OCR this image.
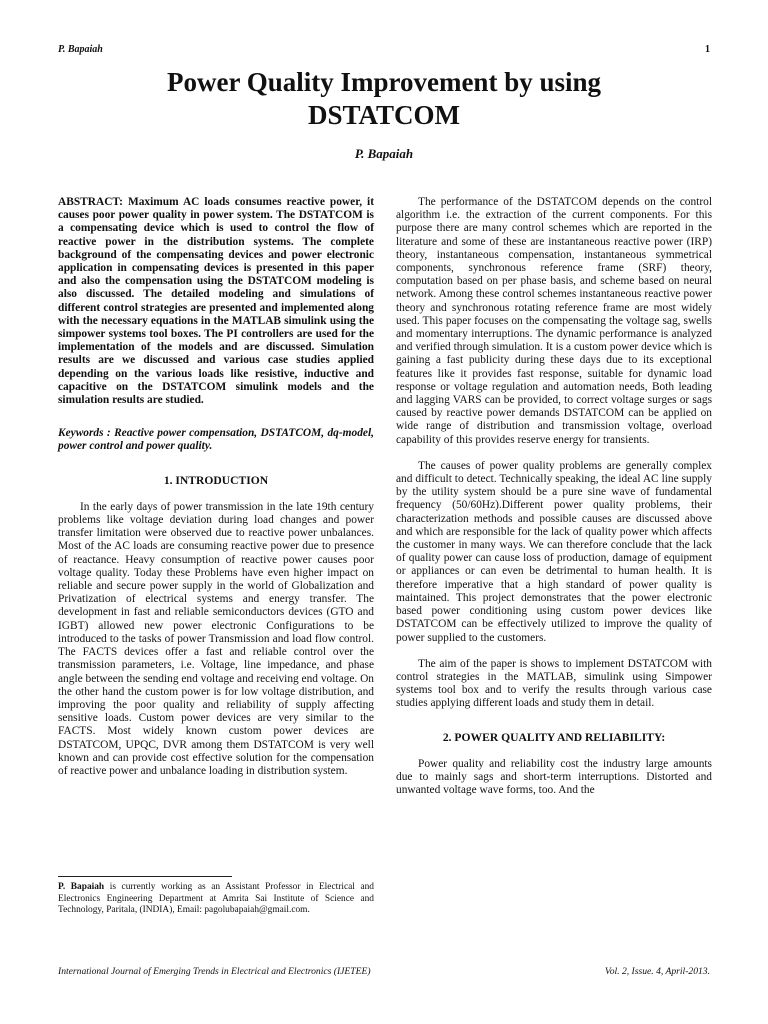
P. Bapaiah	1
Power Quality Improvement by using
DSTATCOM
P. Bapaiah

ABSTRACT: Maximum AC loads consumes reactive power, it causes poor power quality in power system. The DSTATCOM is a compensating device which is used to control the flow of reactive power in the distribution systems. The complete background of the compensating devices and power electronic application in compensating devices is presented in this paper and also the compensation using the DSTATCOM modeling is also discussed. The detailed modeling and simulations of different control strategies are presented and implemented along with the necessary equations in the MATLAB simulink using the simpower systems tool boxes. The PI controllers are used for the implementation of the models and are discussed. Simulation results are we discussed and various case studies applied depending on the various loads like resistive, inductive and capacitive on the DSTATCOM simulink models and the simulation results are studied.

Keywords : Reactive power compensation, DSTATCOM, dq-model, power control and power quality.

1. INTRODUCTION

In the early days of power transmission in the late 19th century problems like voltage deviation during load changes and power transfer limitation were observed due to reactive power unbalances. Most of the AC loads are consuming reactive power due to presence of reactance. Heavy consumption of reactive power causes poor voltage quality. Today these Problems have even higher impact on reliable and secure power supply in the world of Globalization and Privatization of electrical systems and energy transfer. The development in fast and reliable semiconductors devices (GTO and IGBT) allowed new power electronic Configurations to be introduced to the tasks of power Transmission and load flow control. The FACTS devices offer a fast and reliable control over the transmission parameters, i.e. Voltage, line impedance, and phase angle between the sending end voltage and receiving end voltage. On the other hand the custom power is for low voltage distribution, and improving the poor quality and reliability of supply affecting sensitive loads. Custom power devices are very similar to the FACTS. Most widely known custom power devices are DSTATCOM, UPQC, DVR among them DSTATCOM is very well known and can provide cost effective solution for the compensation of reactive power and unbalance loading in distribution system.

P. Bapaiah is currently working as an Assistant Professor in Electrical and Electronics Engineering Department at Amrita Sai Institute of Science and Technology, Paritala, (INDIA), Email: pagolubapaiah@gmail.com.

The performance of the DSTATCOM depends on the control algorithm i.e. the extraction of the current components. For this purpose there are many control schemes which are reported in the literature and some of these are instantaneous reactive power (IRP) theory, instantaneous compensation, instantaneous symmetrical components, synchronous reference frame (SRF) theory, computation based on per phase basis, and scheme based on neural network. Among these control schemes instantaneous reactive power theory and synchronous rotating reference frame are most widely used. This paper focuses on the compensating the voltage sag, swells and momentary interruptions. The dynamic performance is analyzed and verified through simulation. It is a custom power device which is gaining a fast publicity during these days due to its exceptional features like it provides fast response, suitable for dynamic load response or voltage regulation and automation needs, Both leading and lagging VARS can be provided, to correct voltage surges or sags caused by reactive power demands DSTATCOM can be applied on wide range of distribution and transmission voltage, overload capability of this provides reserve energy for transients.

The causes of power quality problems are generally complex and difficult to detect. Technically speaking, the ideal AC line supply by the utility system should be a pure sine wave of fundamental frequency (50/60Hz).Different power quality problems, their characterization methods and possible causes are discussed above and which are responsible for the lack of quality power which affects the customer in many ways. We can therefore conclude that the lack of quality power can cause loss of production, damage of equipment or appliances or can even be detrimental to human health. It is therefore imperative that a high standard of power quality is maintained. This project demonstrates that the power electronic based power conditioning using custom power devices like DSTATCOM can be effectively utilized to improve the quality of power supplied to the customers.

The aim of the paper is shows to implement DSTATCOM with control strategies in the MATLAB, simulink using Simpower systems tool box and to verify the results through various case studies applying different loads and study them in detail.

2. POWER QUALITY AND RELIABILITY:

Power quality and reliability cost the industry large amounts due to mainly sags and short-term interruptions. Distorted and unwanted voltage wave forms, too. And the

International Journal of Emerging Trends in Electrical and Electronics (IJETEE)	Vol. 2, Issue. 4, April-2013.
